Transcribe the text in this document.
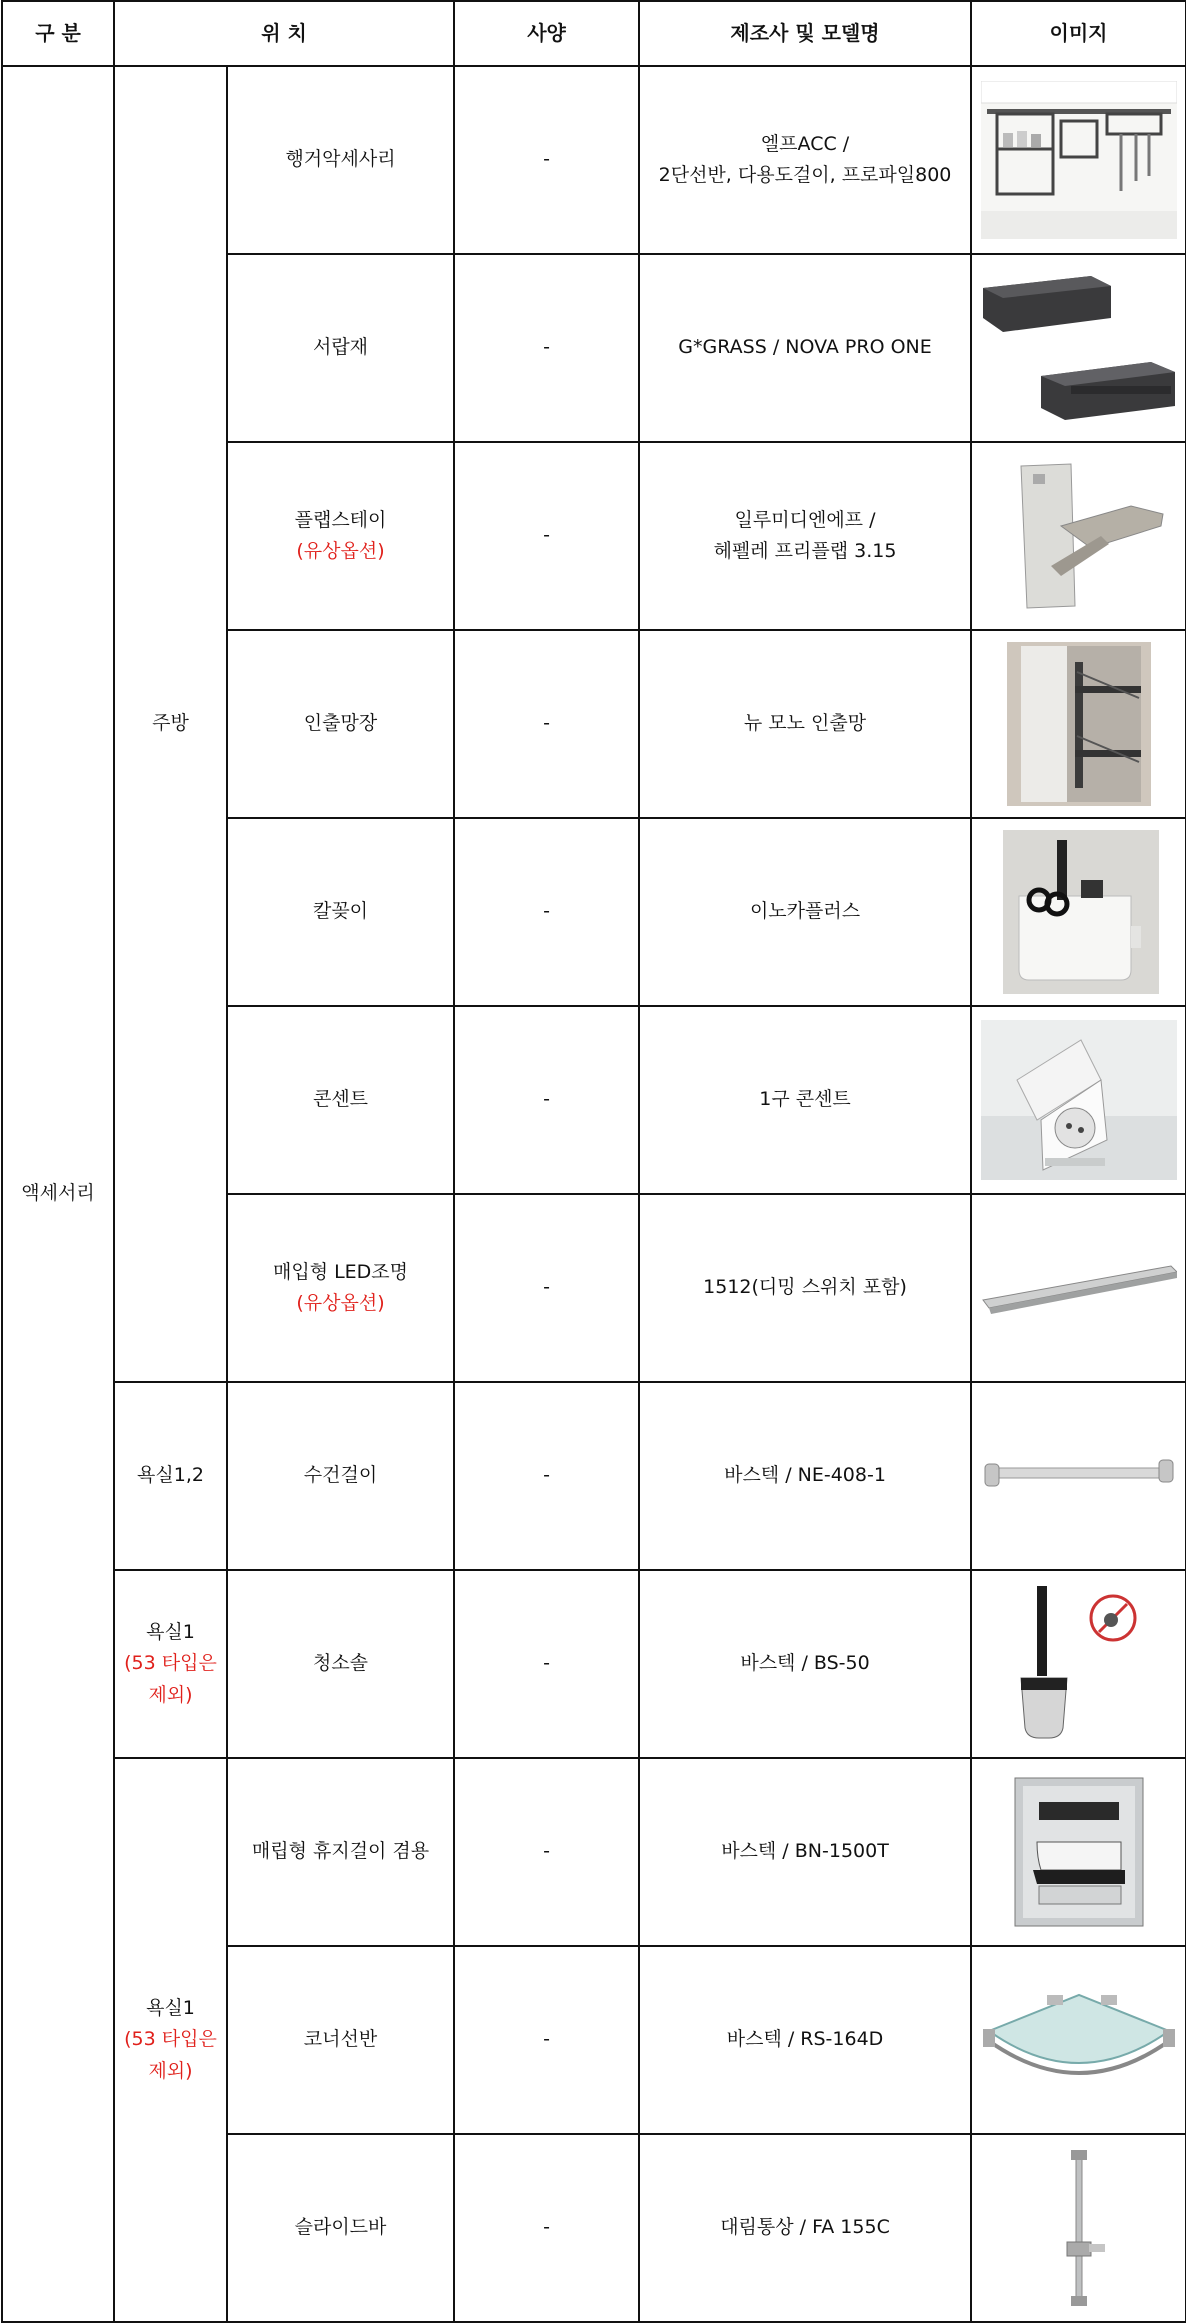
구 분	위 치		사양	제조사 및 모델명	이미지
액세서리	주방	행거악세사리	-	엘프ACC /
2단선반, 다용도걸이, 프로파일800

		서랍재	-	G*GRASS / NOVA PRO ONE

		플랩스테이
(유상옵션)	-	일루미디엔에프 /
헤펠레 프리플랩 3.15

		인출망장	-	뉴 모노 인출망

		칼꽂이	-	이노카플러스

		콘센트	-	1구 콘센트

		매입형 LED조명
(유상옵션)	-	1512(디밍 스위치 포함)

	욕실1,2	수건걸이	-	바스텍 / NE-408-1

	욕실1
(53 타입은
제외)	청소솔	-	바스텍 / BS-50

	욕실1
(53 타입은
제외)	매립형 휴지걸이 겸용	-	바스텍 / BN-1500T

		코너선반	-	바스텍 / RS-164D

		슬라이드바	-	대림통상 / FA 155C
